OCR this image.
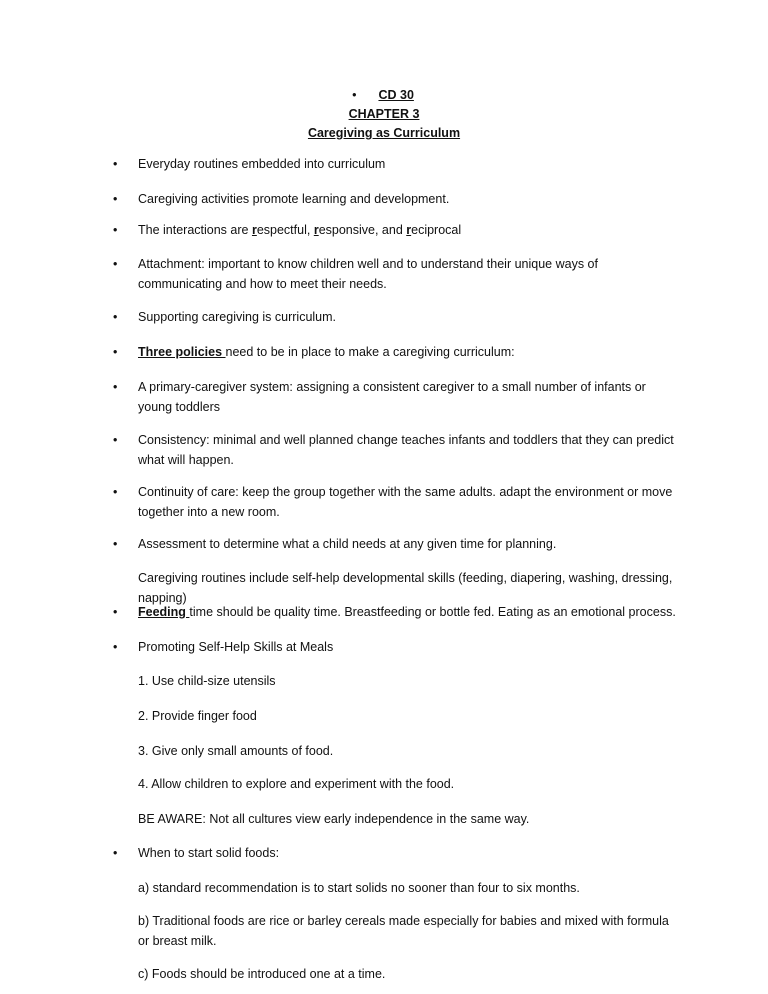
• CD 30
CHAPTER 3
Caregiving as Curriculum
• Everyday routines embedded into curriculum
• Caregiving activities promote learning and development.
• The interactions are respectful, responsive, and reciprocal
• Attachment: important to know children well and to understand their unique ways of communicating and how to meet their needs.
• Supporting caregiving is curriculum.
• Three policies need to be in place to make a caregiving curriculum:
• A primary-caregiver system: assigning a consistent caregiver to a small number of infants or young toddlers
• Consistency: minimal and well planned change teaches infants and toddlers that they can predict what will happen.
• Continuity of care: keep the group together with the same adults. adapt the environment or move together into a new room.
• Assessment to determine what a child needs at any given time for planning.
Caregiving routines include self-help developmental skills (feeding, diapering, washing, dressing, napping)
• Feeding time should be quality time. Breastfeeding or bottle fed. Eating as an emotional process.
• Promoting Self-Help Skills at Meals
1. Use child-size utensils
2. Provide finger food
3. Give only small amounts of food.
4. Allow children to explore and experiment with the food.
BE AWARE: Not all cultures view early independence in the same way.
• When to start solid foods:
a) standard recommendation is to start solids no sooner than four to six months.
b) Traditional foods are rice or barley cereals made especially for babies and mixed with formula or breast milk.
c) Foods should be introduced one at a time.
